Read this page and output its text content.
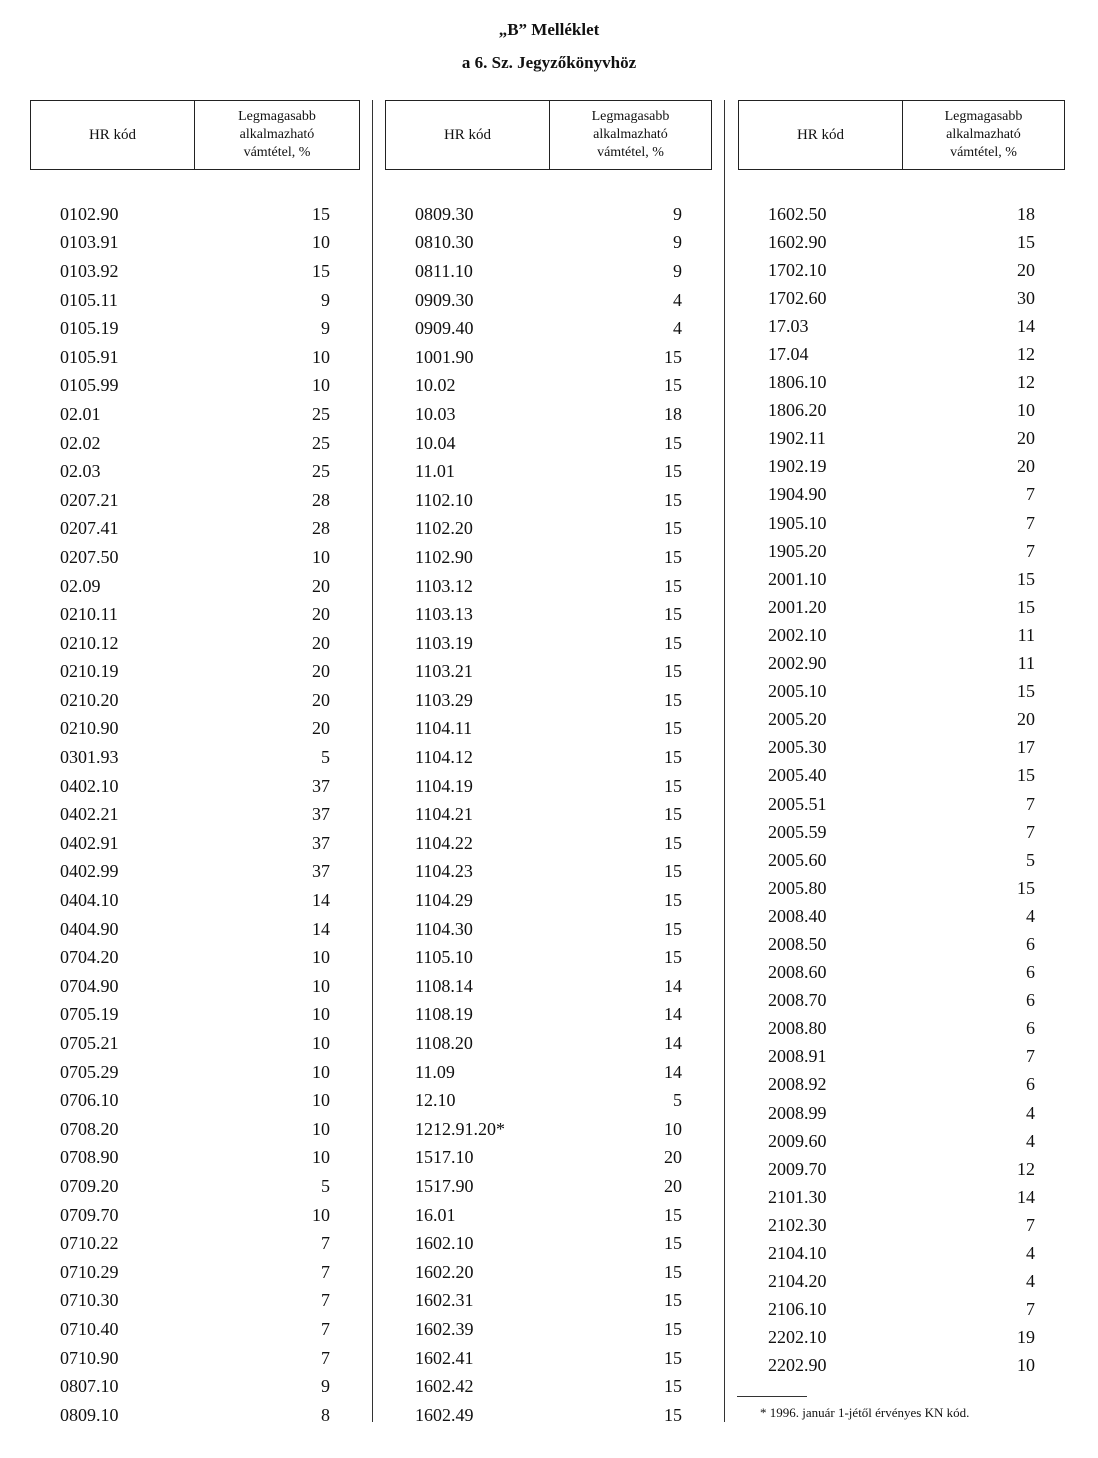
„B” Melléklet
a 6. Sz. Jegyzőkönyvhöz
HR kód
Legmagasabb
alkalmazható
vámtétel, %
0102.90	15
0103.91	10
0103.92	15
0105.11	9
0105.19	9
0105.91	10
0105.99	10
02.01	25
02.02	25
02.03	25
0207.21	28
0207.41	28
0207.50	10
02.09	20
0210.11	20
0210.12	20
0210.19	20
0210.20	20
0210.90	20
0301.93	5
0402.10	37
0402.21	37
0402.91	37
0402.99	37
0404.10	14
0404.90	14
0704.20	10
0704.90	10
0705.19	10
0705.21	10
0705.29	10
0706.10	10
0708.20	10
0708.90	10
0709.20	5
0709.70	10
0710.22	7
0710.29	7
0710.30	7
0710.40	7
0710.90	7
0807.10	9
0809.10	8
HR kód
Legmagasabb
alkalmazható
vámtétel, %
0809.30	9
0810.30	9
0811.10	9
0909.30	4
0909.40	4
1001.90	15
10.02	15
10.03	18
10.04	15
11.01	15
1102.10	15
1102.20	15
1102.90	15
1103.12	15
1103.13	15
1103.19	15
1103.21	15
1103.29	15
1104.11	15
1104.12	15
1104.19	15
1104.21	15
1104.22	15
1104.23	15
1104.29	15
1104.30	15
1105.10	15
1108.14	14
1108.19	14
1108.20	14
11.09	14
12.10	5
1212.91.20*	10
1517.10	20
1517.90	20
16.01	15
1602.10	15
1602.20	15
1602.31	15
1602.39	15
1602.41	15
1602.42	15
1602.49	15
HR kód
Legmagasabb
alkalmazható
vámtétel, %
1602.50	18
1602.90	15
1702.10	20
1702.60	30
17.03	14
17.04	12
1806.10	12
1806.20	10
1902.11	20
1902.19	20
1904.90	7
1905.10	7
1905.20	7
2001.10	15
2001.20	15
2002.10	11
2002.90	11
2005.10	15
2005.20	20
2005.30	17
2005.40	15
2005.51	7
2005.59	7
2005.60	5
2005.80	15
2008.40	4
2008.50	6
2008.60	6
2008.70	6
2008.80	6
2008.91	7
2008.92	6
2008.99	4
2009.60	4
2009.70	12
2101.30	14
2102.30	7
2104.10	4
2104.20	4
2106.10	7
2202.10	19
2202.90	10
* 1996. január 1-jétől érvényes KN kód.
